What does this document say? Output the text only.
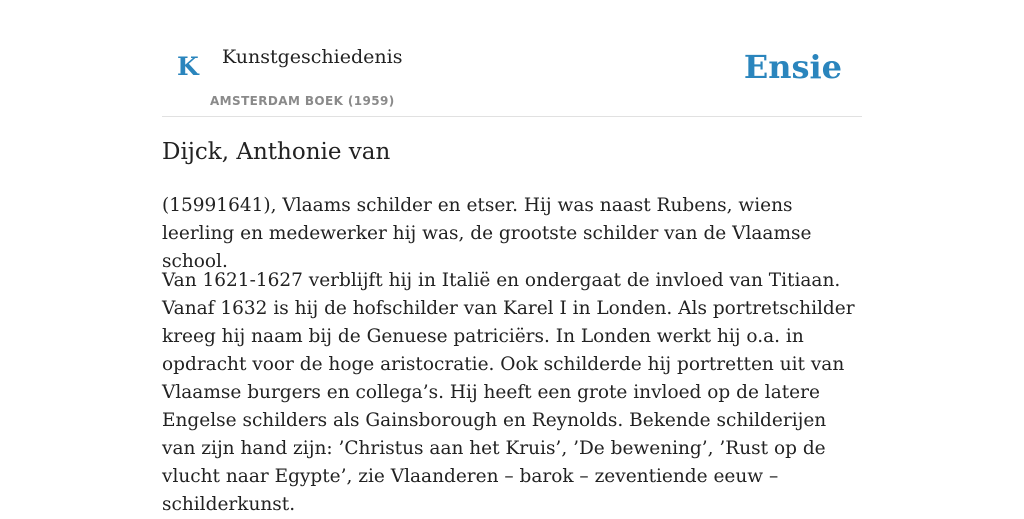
K Kunstgeschiedenis
AMSTERDAM BOEK (1959)
Ensie
Dijck, Anthonie van

(15991641), Vlaams schilder en etser. Hij was naast Rubens, wiens leerling en medewerker hij was, de grootste schilder van de Vlaamse school.

Van 1621-1627 verblijft hij in Italië en ondergaat de invloed van Titiaan. Vanaf 1632 is hij de hofschilder van Karel I in Londen. Als portretschilder kreeg hij naam bij de Genuese patriciërs. In Londen werkt hij o.a. in opdracht voor de hoge aristocratie. Ook schilderde hij portretten uit van Vlaamse burgers en collega’s. Hij heeft een grote invloed op de latere Engelse schilders als Gainsborough en Reynolds. Bekende schilderijen van zijn hand zijn: ’Christus aan het Kruis’, ’De bewening’, ’Rust op de vlucht naar Egypte’, zie Vlaanderen – barok – zeventiende eeuw – schilderkunst.
